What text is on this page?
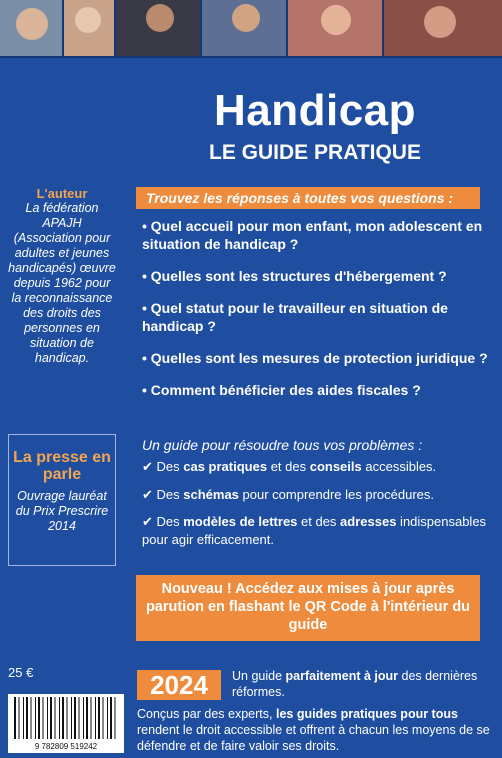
Handicap
LE GUIDE PRATIQUE
L'auteur
La fédération APAJH (Association pour adultes et jeunes handicapés) œuvre depuis 1962 pour la reconnaissance des droits des personnes en situation de handicap.
La presse en parle
Ouvrage lauréat du Prix Prescrire 2014
Trouvez les réponses à toutes vos questions :
• Quel accueil pour mon enfant, mon adolescent en situation de handicap ?
• Quelles sont les structures d'hébergement ?
• Quel statut pour le travailleur en situation de handicap ?
• Quelles sont les mesures de protection juridique ?
• Comment bénéficier des aides fiscales ?
Un guide pour résoudre tous vos problèmes :
✔ Des cas pratiques et des conseils accessibles.
✔ Des schémas pour comprendre les procédures.
✔ Des modèles de lettres et des adresses indispensables pour agir efficacement.
Nouveau ! Accédez aux mises à jour après parution en flashant le QR Code à l'intérieur du guide
25 €
9 782809 519242
2024	Un guide parfaitement à jour des dernières réformes.
Conçus par des experts, les guides pratiques pour tous rendent le droit accessible et offrent à chacun les moyens de se défendre et de faire valoir ses droits.
